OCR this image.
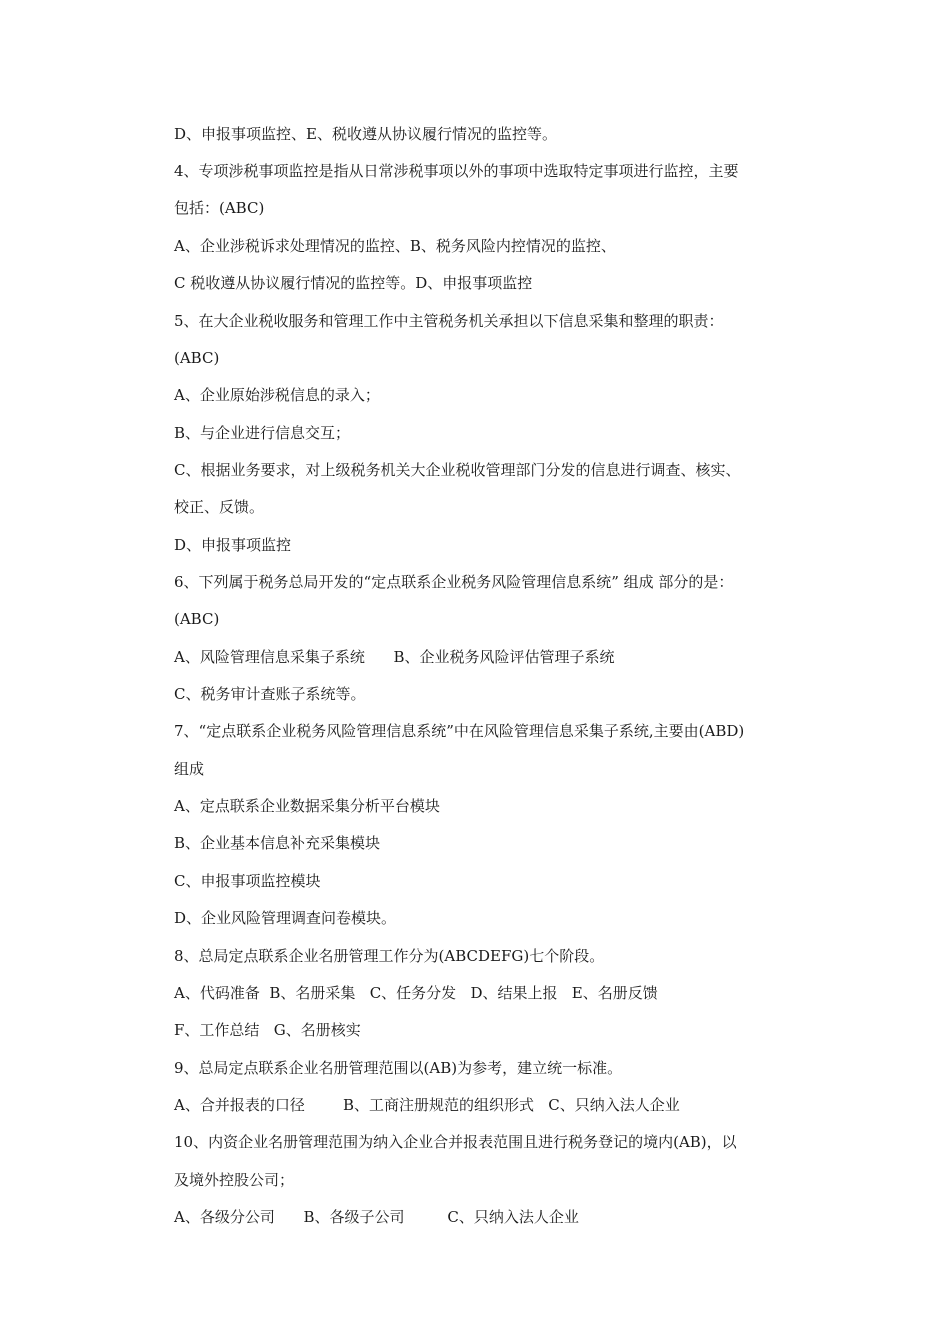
D、申报事项监控、E、税收遵从协议履行情况的监控等。
4、专项涉税事项监控是指从日常涉税事项以外的事项中选取特定事项进行监控，主要
包括：(ABC)
A、企业涉税诉求处理情况的监控、B、税务风险内控情况的监控、
C 税收遵从协议履行情况的监控等。D、申报事项监控
5、在大企业税收服务和管理工作中主管税务机关承担以下信息采集和整理的职责：
(ABC)
A、企业原始涉税信息的录入；
B、与企业进行信息交互；
C、根据业务要求，对上级税务机关大企业税收管理部门分发的信息进行调查、核实、
校正、反馈。
D、申报事项监控
6、下列属于税务总局开发的“定点联系企业税务风险管理信息系统” 组成 部分的是：
(ABC)
A、风险管理信息采集子系统      B、企业税务风险评估管理子系统
C、税务审计查账子系统等。
7、“定点联系企业税务风险管理信息系统”中在风险管理信息采集子系统,主要由(ABD)
组成
A、定点联系企业数据采集分析平台模块
B、企业基本信息补充采集模块
C、申报事项监控模块
D、企业风险管理调查问卷模块。
8、总局定点联系企业名册管理工作分为(ABCDEFG)七个阶段。
A、代码准备  B、名册采集   C、任务分发   D、结果上报   E、名册反馈
F、工作总结   G、名册核实
9、总局定点联系企业名册管理范围以(AB)为参考，建立统一标准。
A、合并报表的口径        B、工商注册规范的组织形式   C、只纳入法人企业
10、内资企业名册管理范围为纳入企业合并报表范围且进行税务登记的境内(AB)，以
及境外控股公司；
A、各级分公司      B、各级子公司         C、只纳入法人企业
